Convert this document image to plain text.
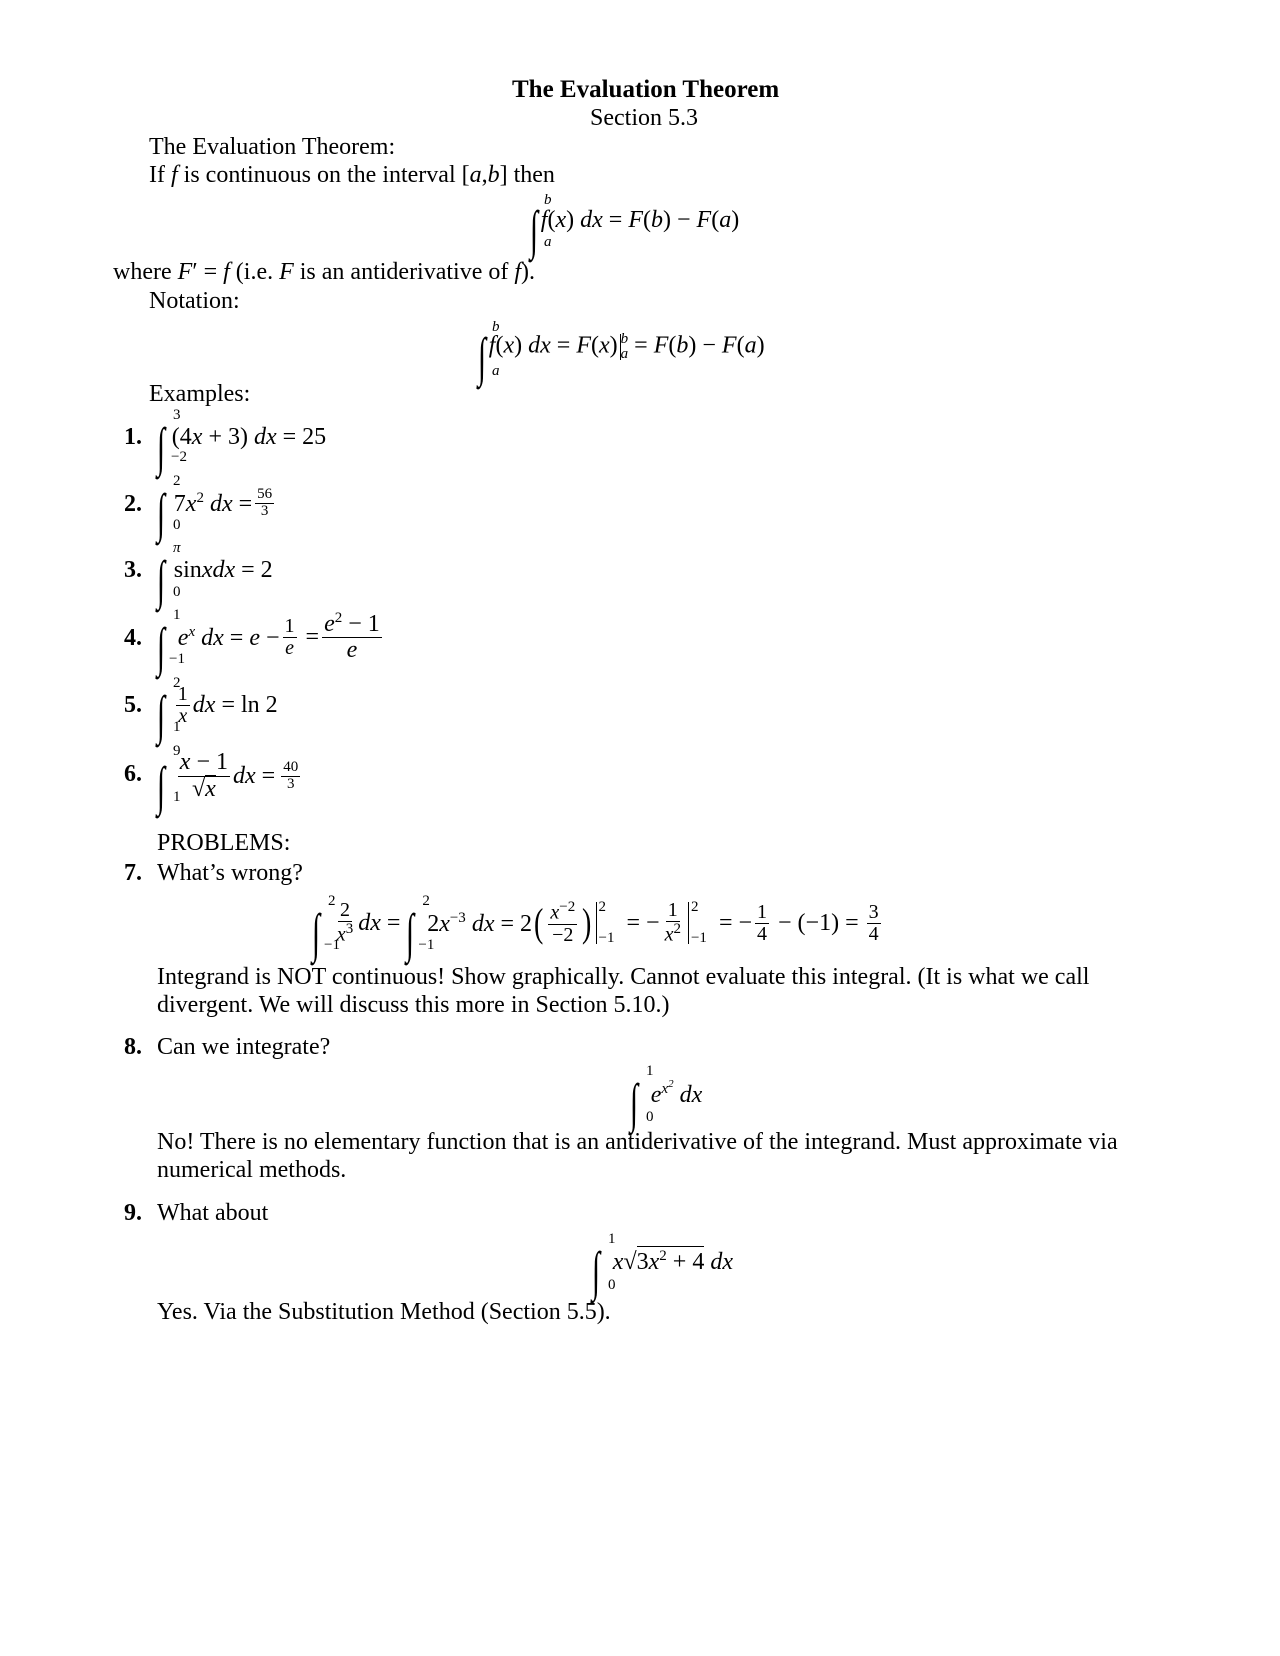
The Evaluation Theorem
Section 5.3
The Evaluation Theorem:
If f is continuous on the interval [a,b] then
∫ b
a
f(x) dx = F(b) − F(a)
where F′ = f (i.e. F is an antiderivative of f).
Notation:
∫ b
a
f(x) dx = F(x) b
a = F(b) − F(a)
Examples:
1. ∫
3
−2
(4x + 3) dx = 25
2. ∫
2
0
$7x^2$ dx = $\frac{56}{3}$
3. ∫
π
0
sinxdx = 2
4. ∫
1
−1
$e^x$ dx = $e - \frac{1}{e} = \frac{e^2 - 1}{e}$
5. ∫
2
1
$\frac{1}{x}$ dx = ln 2
6. ∫
9
1
$\frac{x - 1}{√x}$ dx = $\frac{40}{3}$
PROBLEMS:
7. What’s wrong?
∫
2
−1
$\frac{2}{x^3}$ dx = ∫
2
−1
$2x^{-3}$ dx = 2 ( $\frac{x^{-2}}{-2}$ ) 2
−1
= − $\frac{1}{x^2} 2$
−1
= − $\frac{1}{4} - (-1) = \frac{3}{4}$
Integrand is NOT continuous! Show graphically. Cannot evaluate this integral. (It is what we call divergent. We will discuss this more in Section 5.10.)
8. Can we integrate?
∫
1
0
$e^{x^2}$ dx
No! There is no elementary function that is an antiderivative of the integrand. Must approximate via numerical methods.
9. What about
∫
1
0
$x√3x^2 + 4$ dx
Yes. Via the Substitution Method (Section 5.5).
